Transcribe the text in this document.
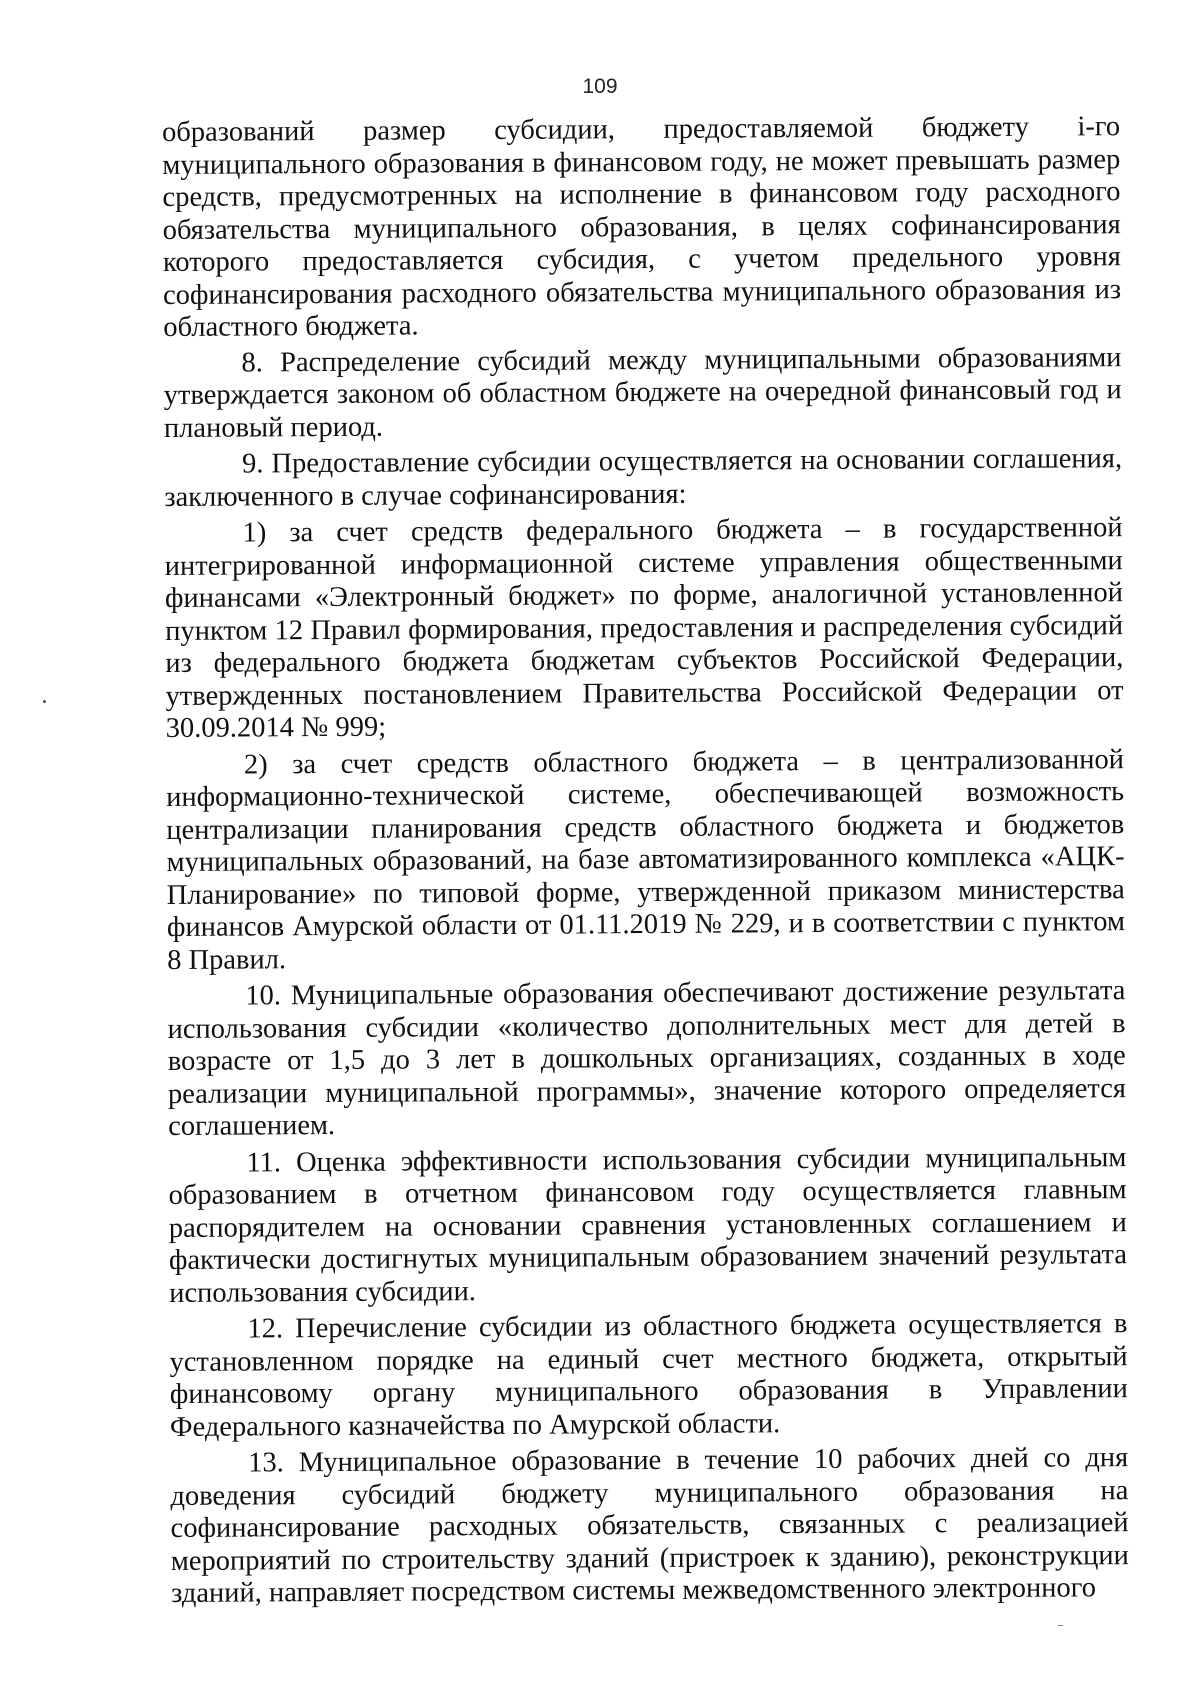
109

образований размер субсидии, предоставляемой бюджету i-го муниципального образования в финансовом году, не может превышать размер средств, предусмотренных на исполнение в финансовом году расходного обязательства муниципального образования, в целях софинансирования которого предоставляется субсидия, с учетом предельного уровня софинансирования расходного обязательства муниципального образования из областного бюджета.

8. Распределение субсидий между муниципальными образованиями утверждается законом об областном бюджете на очередной финансовый год и плановый период.

9. Предоставление субсидии осуществляется на основании соглашения, заключенного в случае софинансирования:

1) за счет средств федерального бюджета – в государственной интегрированной информационной системе управления общественными финансами «Электронный бюджет» по форме, аналогичной установленной пунктом 12 Правил формирования, предоставления и распределения субсидий из федерального бюджета бюджетам субъектов Российской Федерации, утвержденных постановлением Правительства Российской Федерации от 30.09.2014 № 999;

2) за счет средств областного бюджета – в централизованной информационно-технической системе, обеспечивающей возможность централизации планирования средств областного бюджета и бюджетов муниципальных образований, на базе автоматизированного комплекса «АЦК-Планирование» по типовой форме, утвержденной приказом министерства финансов Амурской области от 01.11.2019 № 229, и в соответствии с пунктом 8 Правил.

10. Муниципальные образования обеспечивают достижение результата использования субсидии «количество дополнительных мест для детей в возрасте от 1,5 до 3 лет в дошкольных организациях, созданных в ходе реализации муниципальной программы», значение которого определяется соглашением.

11. Оценка эффективности использования субсидии муниципальным образованием в отчетном финансовом году осуществляется главным распорядителем на основании сравнения установленных соглашением и фактически достигнутых муниципальным образованием значений результата использования субсидии.

12. Перечисление субсидии из областного бюджета осуществляется в установленном порядке на единый счет местного бюджета, открытый финансовому органу муниципального образования в Управлении Федерального казначейства по Амурской области.

13. Муниципальное образование в течение 10 рабочих дней со дня доведения субсидий бюджету муниципального образования на софинансирование расходных обязательств, связанных с реализацией мероприятий по строительству зданий (пристроек к зданию), реконструкции зданий, направляет посредством системы межведомственного электронного
